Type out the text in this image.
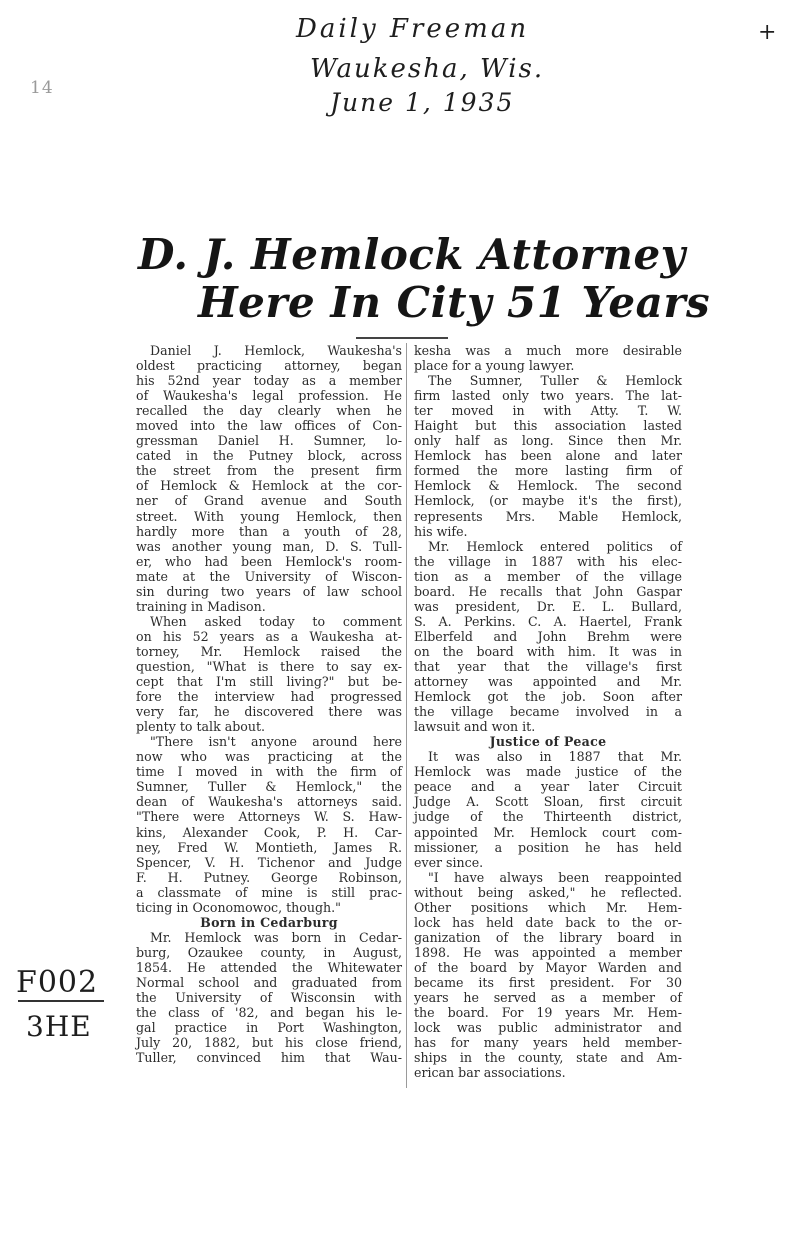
Daily Freeman
Waukesha, Wis.
June 1, 1935
+
14
D. J. Hemlock Attorney
Here In City 51 Years
Daniel J. Hemlock, Waukesha's
oldest practicing attorney, began
his 52nd year today as a member
of Waukesha's legal profession. He
recalled the day clearly when he
moved into the law offices of Con-
gressman Daniel H. Sumner, lo-
cated in the Putney block, across
the street from the present firm
of Hemlock & Hemlock at the cor-
ner of Grand avenue and South
street. With young Hemlock, then
hardly more than a youth of 28,
was another young man, D. S. Tull-
er, who had been Hemlock's room-
mate at the University of Wiscon-
sin during two years of law school
training in Madison.
When asked today to comment
on his 52 years as a Waukesha at-
torney, Mr. Hemlock raised the
question, "What is there to say ex-
cept that I'm still living?" but be-
fore the interview had progressed
very far, he discovered there was
plenty to talk about.
"There isn't anyone around here
now who was practicing at the
time I moved in with the firm of
Sumner, Tuller & Hemlock," the
dean of Waukesha's attorneys said.
"There were Attorneys W. S. Haw-
kins, Alexander Cook, P. H. Car-
ney, Fred W. Montieth, James R.
Spencer, V. H. Tichenor and Judge
F. H. Putney. George Robinson,
a classmate of mine is still prac-
ticing in Oconomowoc, though."
Born in Cedarburg
Mr. Hemlock was born in Cedar-
burg, Ozaukee county, in August,
1854. He attended the Whitewater
Normal school and graduated from
the University of Wisconsin with
the class of '82, and began his le-
gal practice in Port Washington,
July 20, 1882, but his close friend,
Tuller, convinced him that Wau-
kesha was a much more desirable
place for a young lawyer.
The Sumner, Tuller & Hemlock
firm lasted only two years. The lat-
ter moved in with Atty. T. W.
Haight but this association lasted
only half as long. Since then Mr.
Hemlock has been alone and later
formed the more lasting firm of
Hemlock & Hemlock. The second
Hemlock, (or maybe it's the first),
represents Mrs. Mable Hemlock,
his wife.
Mr. Hemlock entered politics of
the village in 1887 with his elec-
tion as a member of the village
board. He recalls that John Gaspar
was president, Dr. E. L. Bullard,
S. A. Perkins. C. A. Haertel, Frank
Elberfeld and John Brehm were
on the board with him. It was in
that year that the village's first
attorney was appointed and Mr.
Hemlock got the job. Soon after
the village became involved in a
lawsuit and won it.
Justice of Peace
It was also in 1887 that Mr.
Hemlock was made justice of the
peace and a year later Circuit
Judge A. Scott Sloan, first circuit
judge of the Thirteenth district,
appointed Mr. Hemlock court com-
missioner, a position he has held
ever since.
"I have always been reappointed
without being asked," he reflected.
Other positions which Mr. Hem-
lock has held date back to the or-
ganization of the library board in
1898. He was appointed a member
of the board by Mayor Warden and
became its first president. For 30
years he served as a member of
the board. For 19 years Mr. Hem-
lock was public administrator and
has for many years held member-
ships in the county, state and Am-
erican bar associations.
F002
3HE
